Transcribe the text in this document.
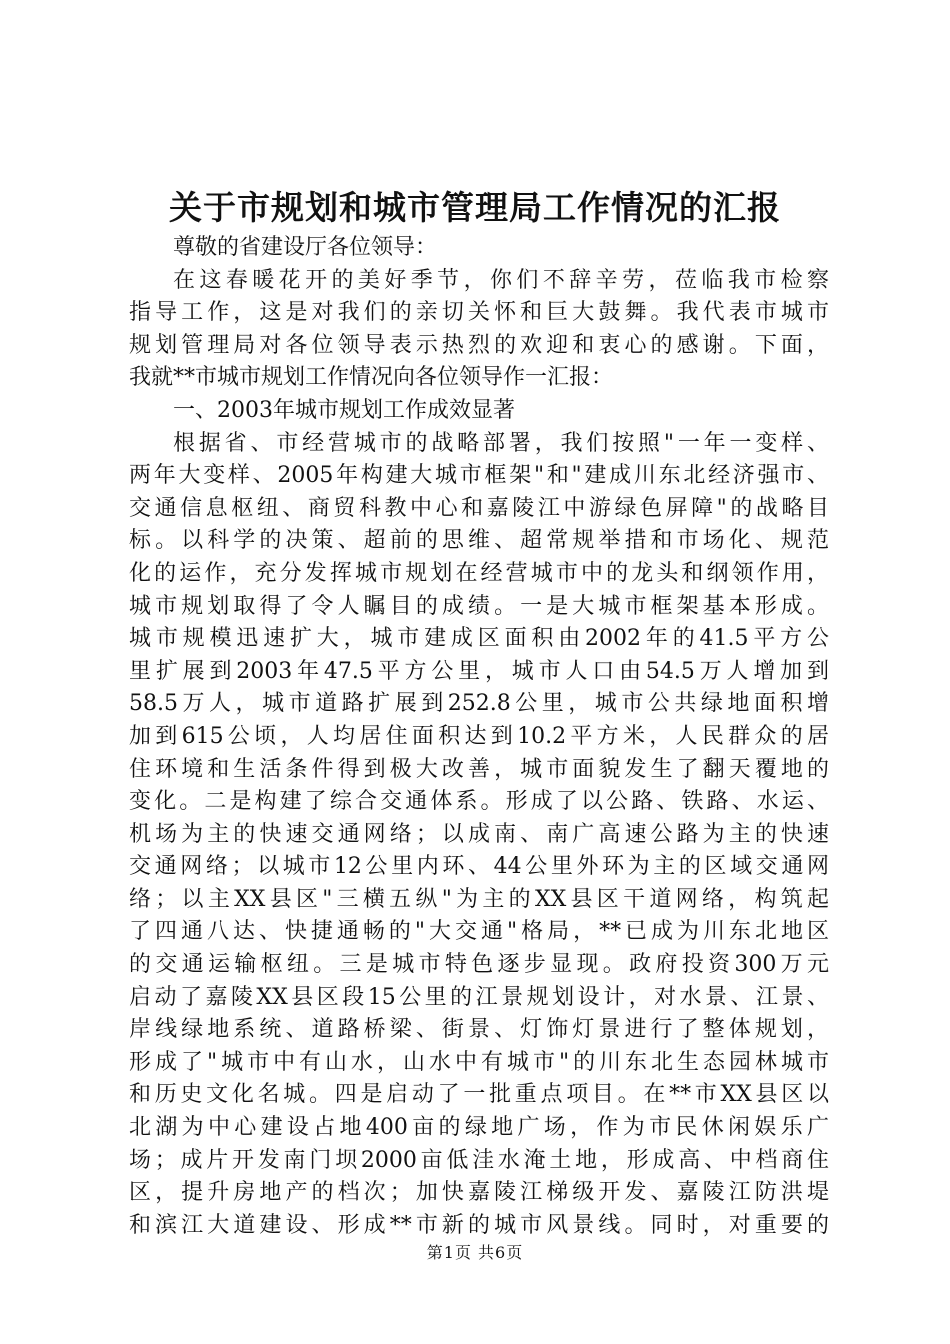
关于市规划和城市管理局工作情况的汇报
尊敬的省建设厅各位领导：
在这春暖花开的美好季节，你们不辞辛劳，莅临我市检察
指导工作，这是对我们的亲切关怀和巨大鼓舞。我代表市城市
规划管理局对各位领导表示热烈的欢迎和衷心的感谢。下面，
我就**市城市规划工作情况向各位领导作一汇报：
一、2003年城市规划工作成效显著
根据省、市经营城市的战略部署，我们按照"一年一变样、
两年大变样、2005年构建大城市框架"和"建成川东北经济强市、
交通信息枢纽、商贸科教中心和嘉陵江中游绿色屏障"的战略目
标。以科学的决策、超前的思维、超常规举措和市场化、规范
化的运作，充分发挥城市规划在经营城市中的龙头和纲领作用，
城市规划取得了令人瞩目的成绩。一是大城市框架基本形成。
城市规模迅速扩大，城市建成区面积由2002年的41.5平方公
里扩展到2003年47.5平方公里，城市人口由54.5万人增加到
58.5万人，城市道路扩展到252.8公里，城市公共绿地面积增
加到615公顷，人均居住面积达到10.2平方米，人民群众的居
住环境和生活条件得到极大改善，城市面貌发生了翻天覆地的
变化。二是构建了综合交通体系。形成了以公路、铁路、水运、
机场为主的快速交通网络；以成南、南广高速公路为主的快速
交通网络；以城市12公里内环、44公里外环为主的区域交通网
络；以主XX县区"三横五纵"为主的XX县区干道网络，构筑起
了四通八达、快捷通畅的"大交通"格局，**已成为川东北地区
的交通运输枢纽。三是城市特色逐步显现。政府投资300万元
启动了嘉陵XX县区段15公里的江景规划设计，对水景、江景、
岸线绿地系统、道路桥梁、街景、灯饰灯景进行了整体规划，
形成了"城市中有山水，山水中有城市"的川东北生态园林城市
和历史文化名城。四是启动了一批重点项目。在**市XX县区以
北湖为中心建设占地400亩的绿地广场，作为市民休闲娱乐广
场；成片开发南门坝2000亩低洼水淹土地，形成高、中档商住
区，提升房地产的档次；加快嘉陵江梯级开发、嘉陵江防洪堤
和滨江大道建设、形成**市新的城市风景线。同时，对重要的
第1页 共6页
